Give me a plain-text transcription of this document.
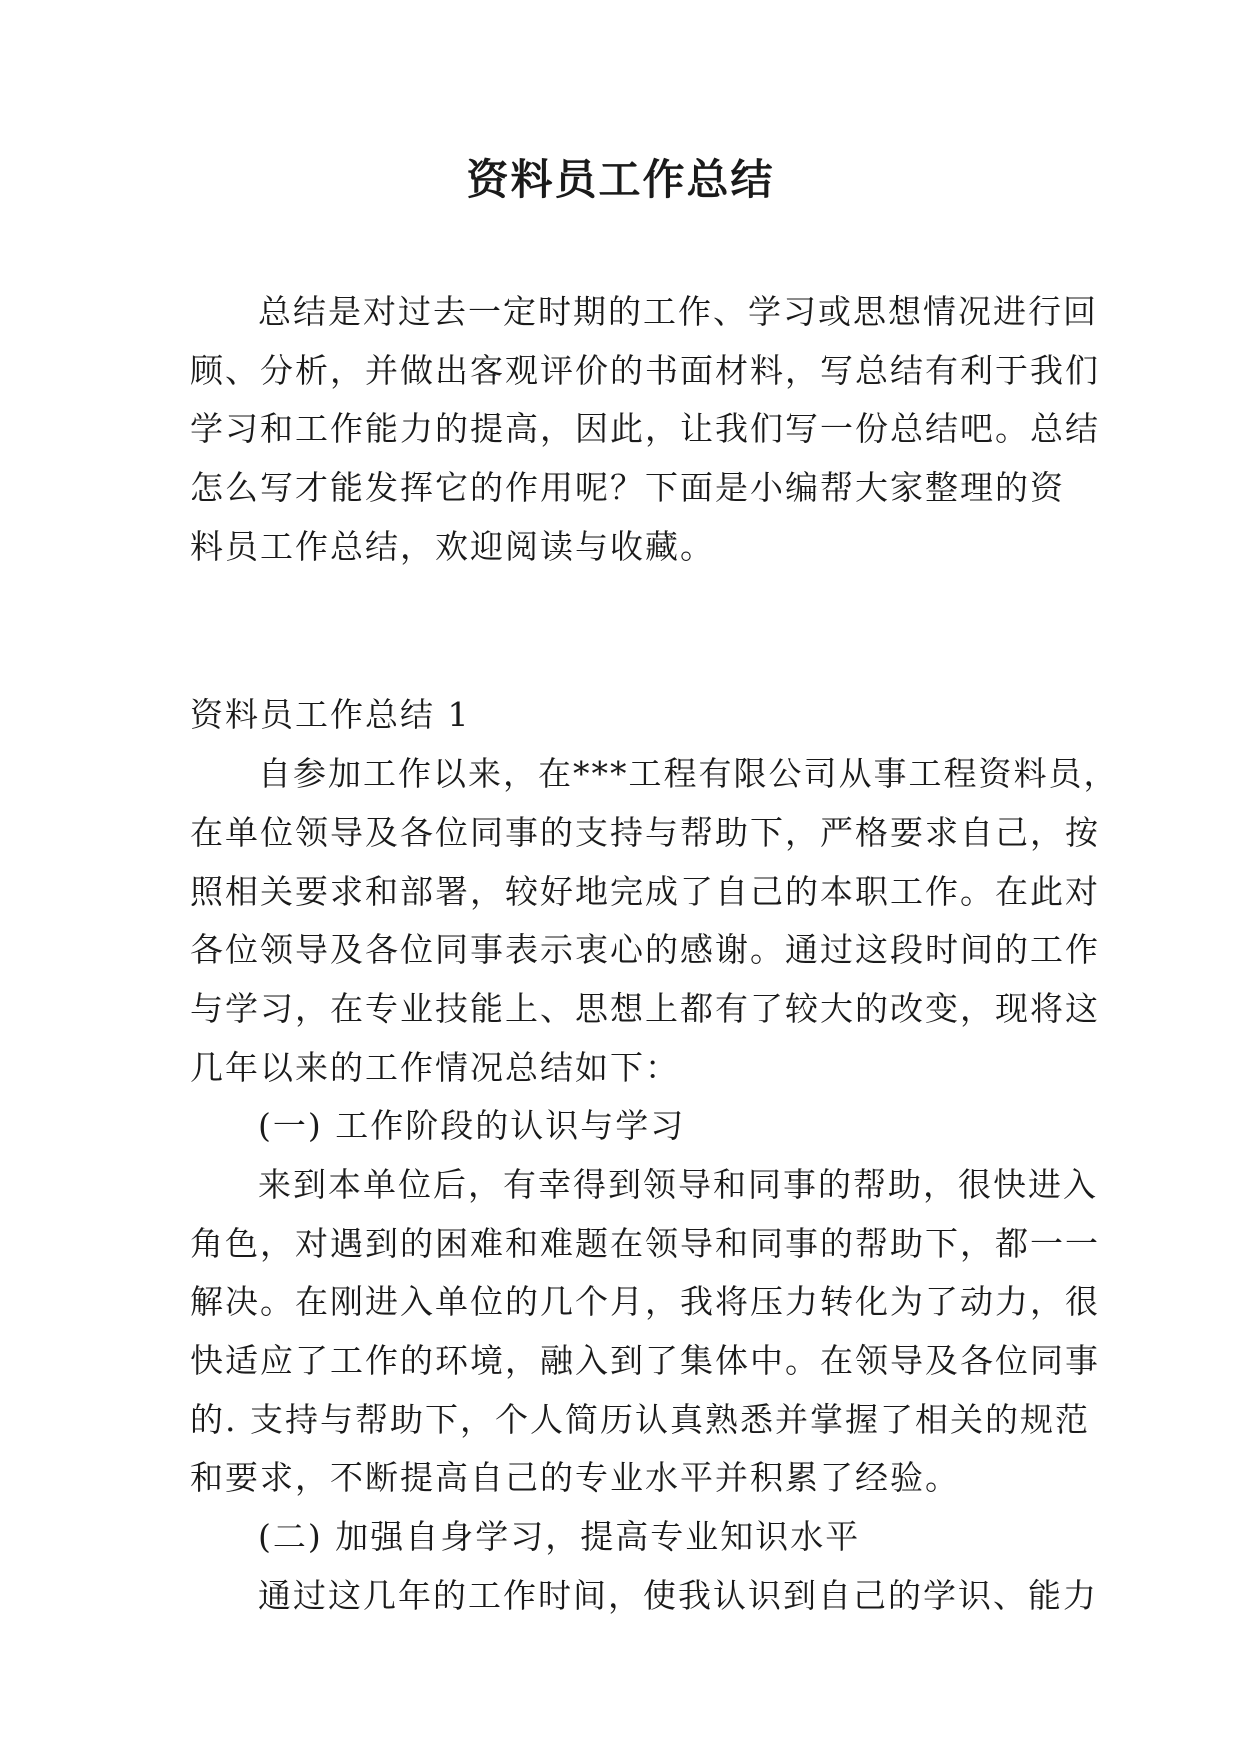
资料员工作总结
总结是对过去一定时期的工作、学习或思想情况进行回
顾、分析，并做出客观评价的书面材料，写总结有利于我们
学习和工作能力的提高，因此，让我们写一份总结吧。总结
怎么写才能发挥它的作用呢？下面是小编帮大家整理的资
料员工作总结，欢迎阅读与收藏。
资料员工作总结 1
自参加工作以来，在***工程有限公司从事工程资料员，
在单位领导及各位同事的支持与帮助下，严格要求自己，按
照相关要求和部署，较好地完成了自己的本职工作。在此对
各位领导及各位同事表示衷心的感谢。通过这段时间的工作
与学习，在专业技能上、思想上都有了较大的改变，现将这
几年以来的工作情况总结如下：
(一) 工作阶段的认识与学习
来到本单位后，有幸得到领导和同事的帮助，很快进入
角色，对遇到的困难和难题在领导和同事的帮助下，都一一
解决。在刚进入单位的几个月，我将压力转化为了动力，很
快适应了工作的环境，融入到了集体中。在领导及各位同事
的. 支持与帮助下，个人简历认真熟悉并掌握了相关的规范
和要求，不断提高自己的专业水平并积累了经验。
(二) 加强自身学习，提高专业知识水平
通过这几年的工作时间，使我认识到自己的学识、能力
